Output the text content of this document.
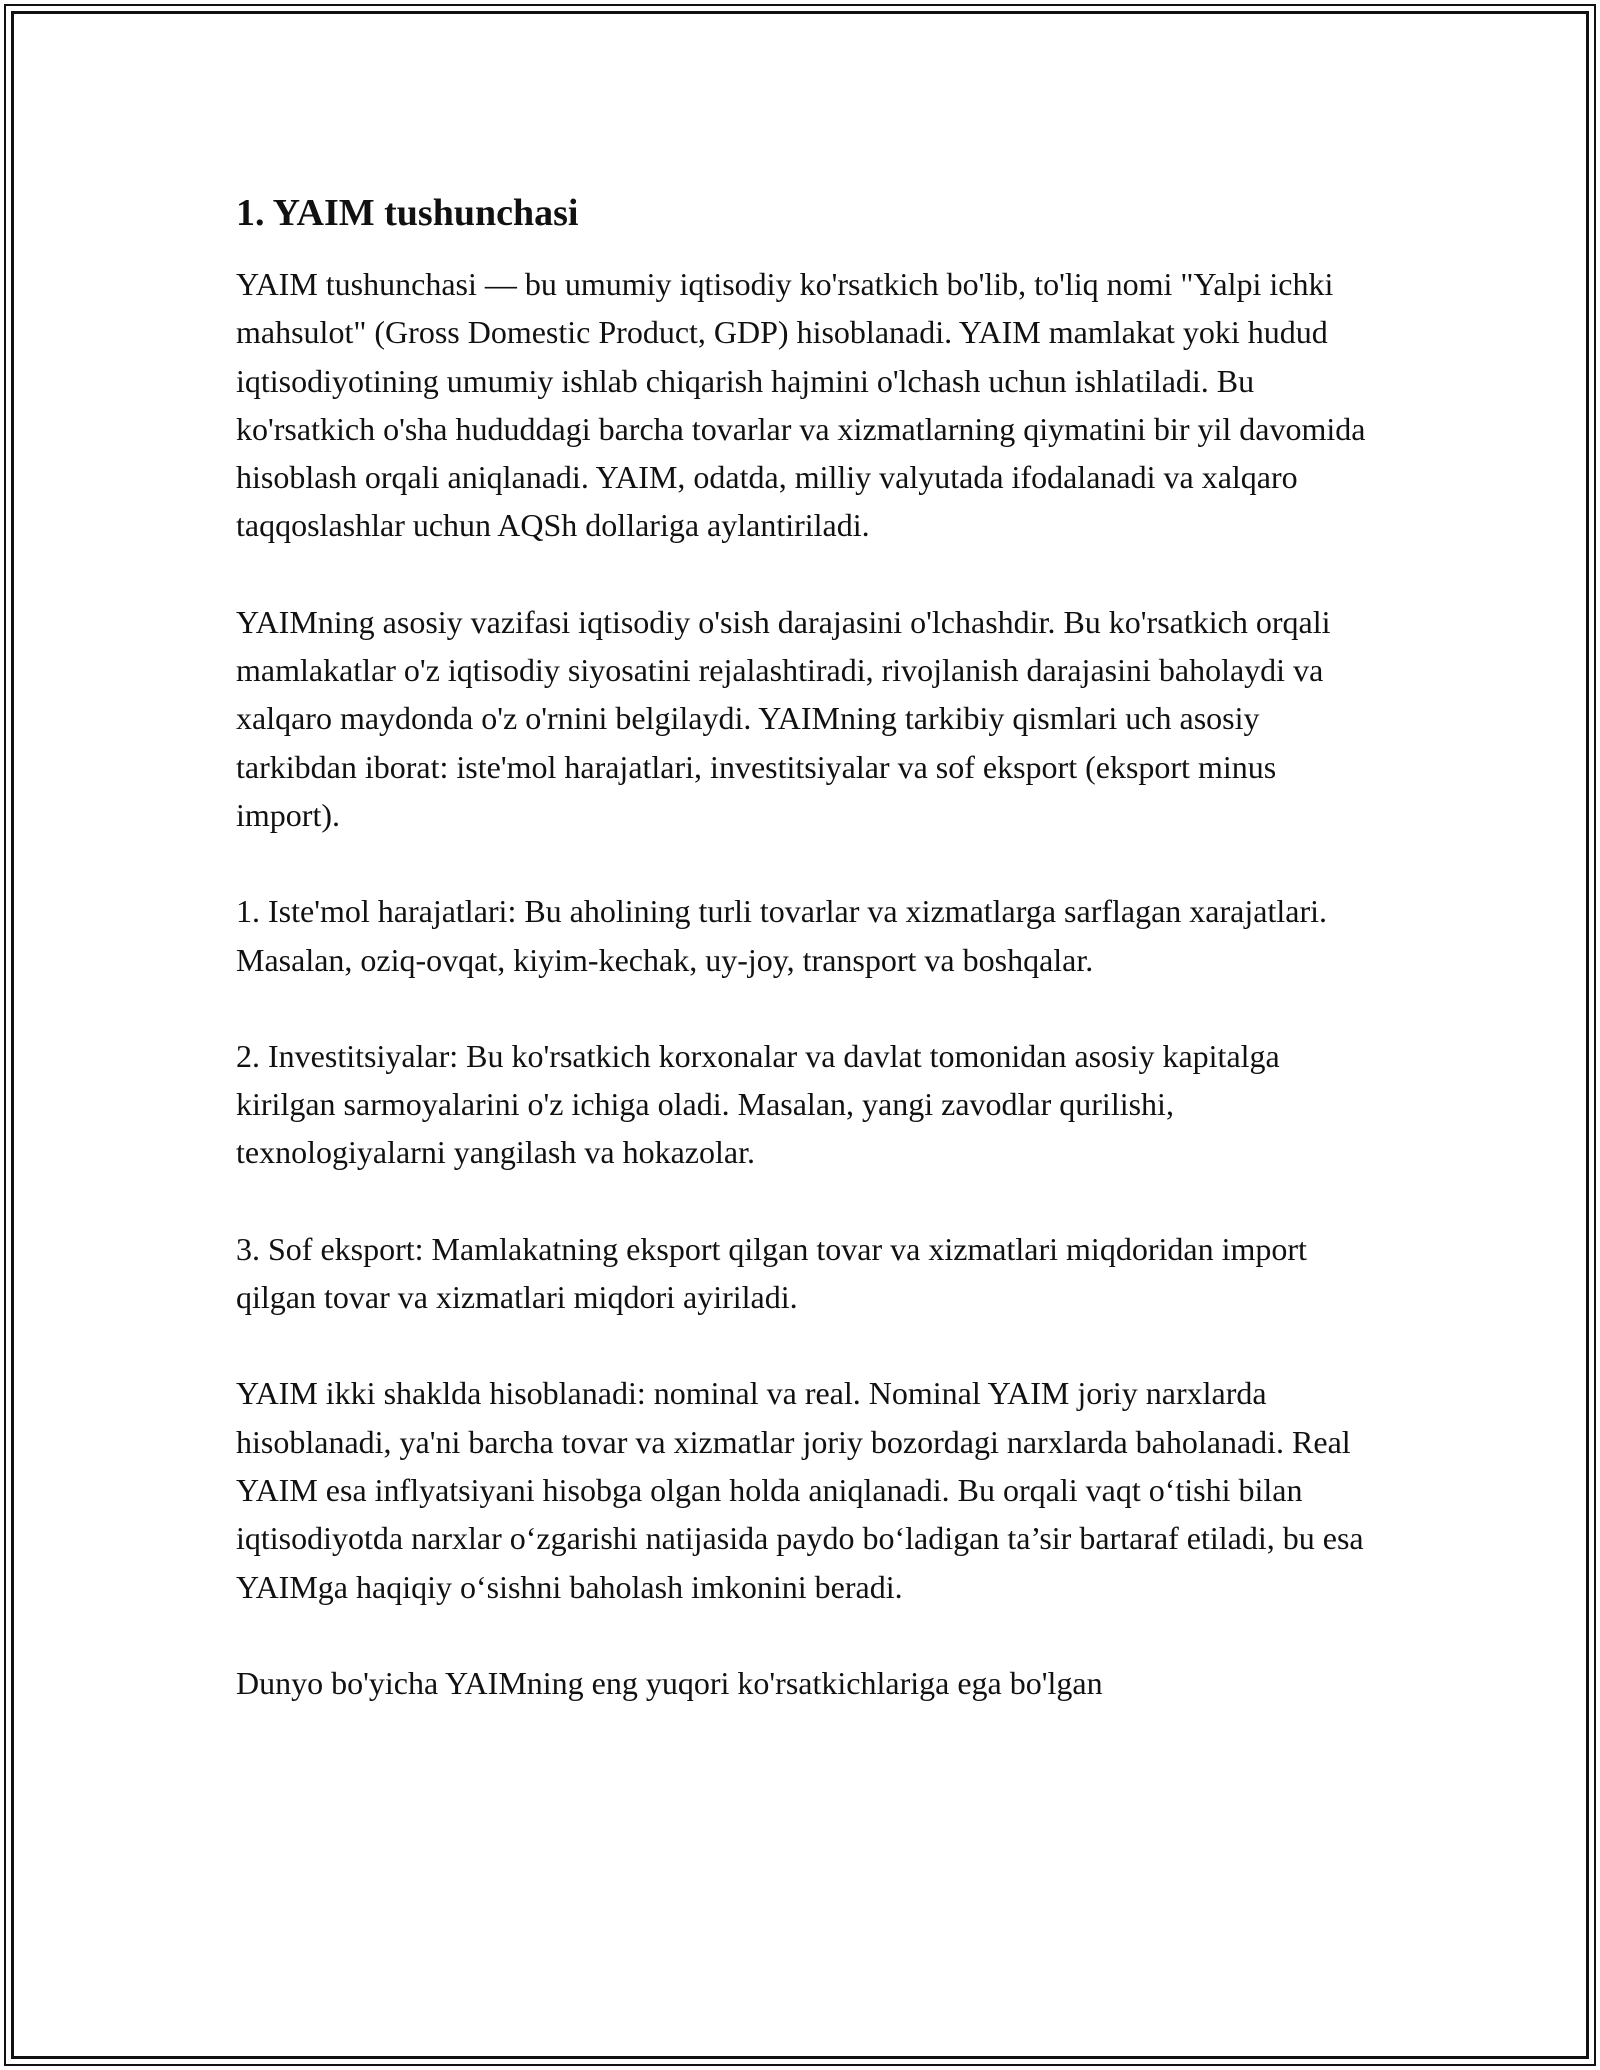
1. YAIM tushunchasi

YAIM tushunchasi — bu umumiy iqtisodiy ko'rsatkich bo'lib, to'liq nomi "Yalpi ichki mahsulot" (Gross Domestic Product, GDP) hisoblanadi. YAIM mamlakat yoki hudud iqtisodiyotining umumiy ishlab chiqarish hajmini o'lchash uchun ishlatiladi. Bu ko'rsatkich o'sha hududdagi barcha tovarlar va xizmatlarning qiymatini bir yil davomida hisoblash orqali aniqlanadi. YAIM, odatda, milliy valyutada ifodalanadi va xalqaro taqqoslashlar uchun AQSh dollariga aylantiriladi.

YAIMning asosiy vazifasi iqtisodiy o'sish darajasini o'lchashdir. Bu ko'rsatkich orqali mamlakatlar o'z iqtisodiy siyosatini rejalashtiradi, rivojlanish darajasini baholaydi va xalqaro maydonda o'z o'rnini belgilaydi. YAIMning tarkibiy qismlari uch asosiy tarkibdan iborat: iste'mol harajatlari, investitsiyalar va sof eksport (eksport minus import).

1. Iste'mol harajatlari: Bu aholining turli tovarlar va xizmatlarga sarflagan xarajatlari. Masalan, oziq-ovqat, kiyim-kechak, uy-joy, transport va boshqalar.

2. Investitsiyalar: Bu ko'rsatkich korxonalar va davlat tomonidan asosiy kapitalga kirilgan sarmoyalarini o'z ichiga oladi. Masalan, yangi zavodlar qurilishi, texnologiyalarni yangilash va hokazolar.

3. Sof eksport: Mamlakatning eksport qilgan tovar va xizmatlari miqdoridan import qilgan tovar va xizmatlari miqdori ayiriladi.

YAIM ikki shaklda hisoblanadi: nominal va real. Nominal YAIM joriy narxlarda hisoblanadi, ya'ni barcha tovar va xizmatlar joriy bozordagi narxlarda baholanadi. Real YAIM esa inflyatsiyani hisobga olgan holda aniqlanadi. Bu orqali vaqt o‘tishi bilan iqtisodiyotda narxlar o‘zgarishi natijasida paydo bo‘ladigan ta’sir bartaraf etiladi, bu esa YAIMga haqiqiy o‘sishni baholash imkonini beradi.

Dunyo bo'yicha YAIMning eng yuqori ko'rsatkichlariga ega bo'lgan
